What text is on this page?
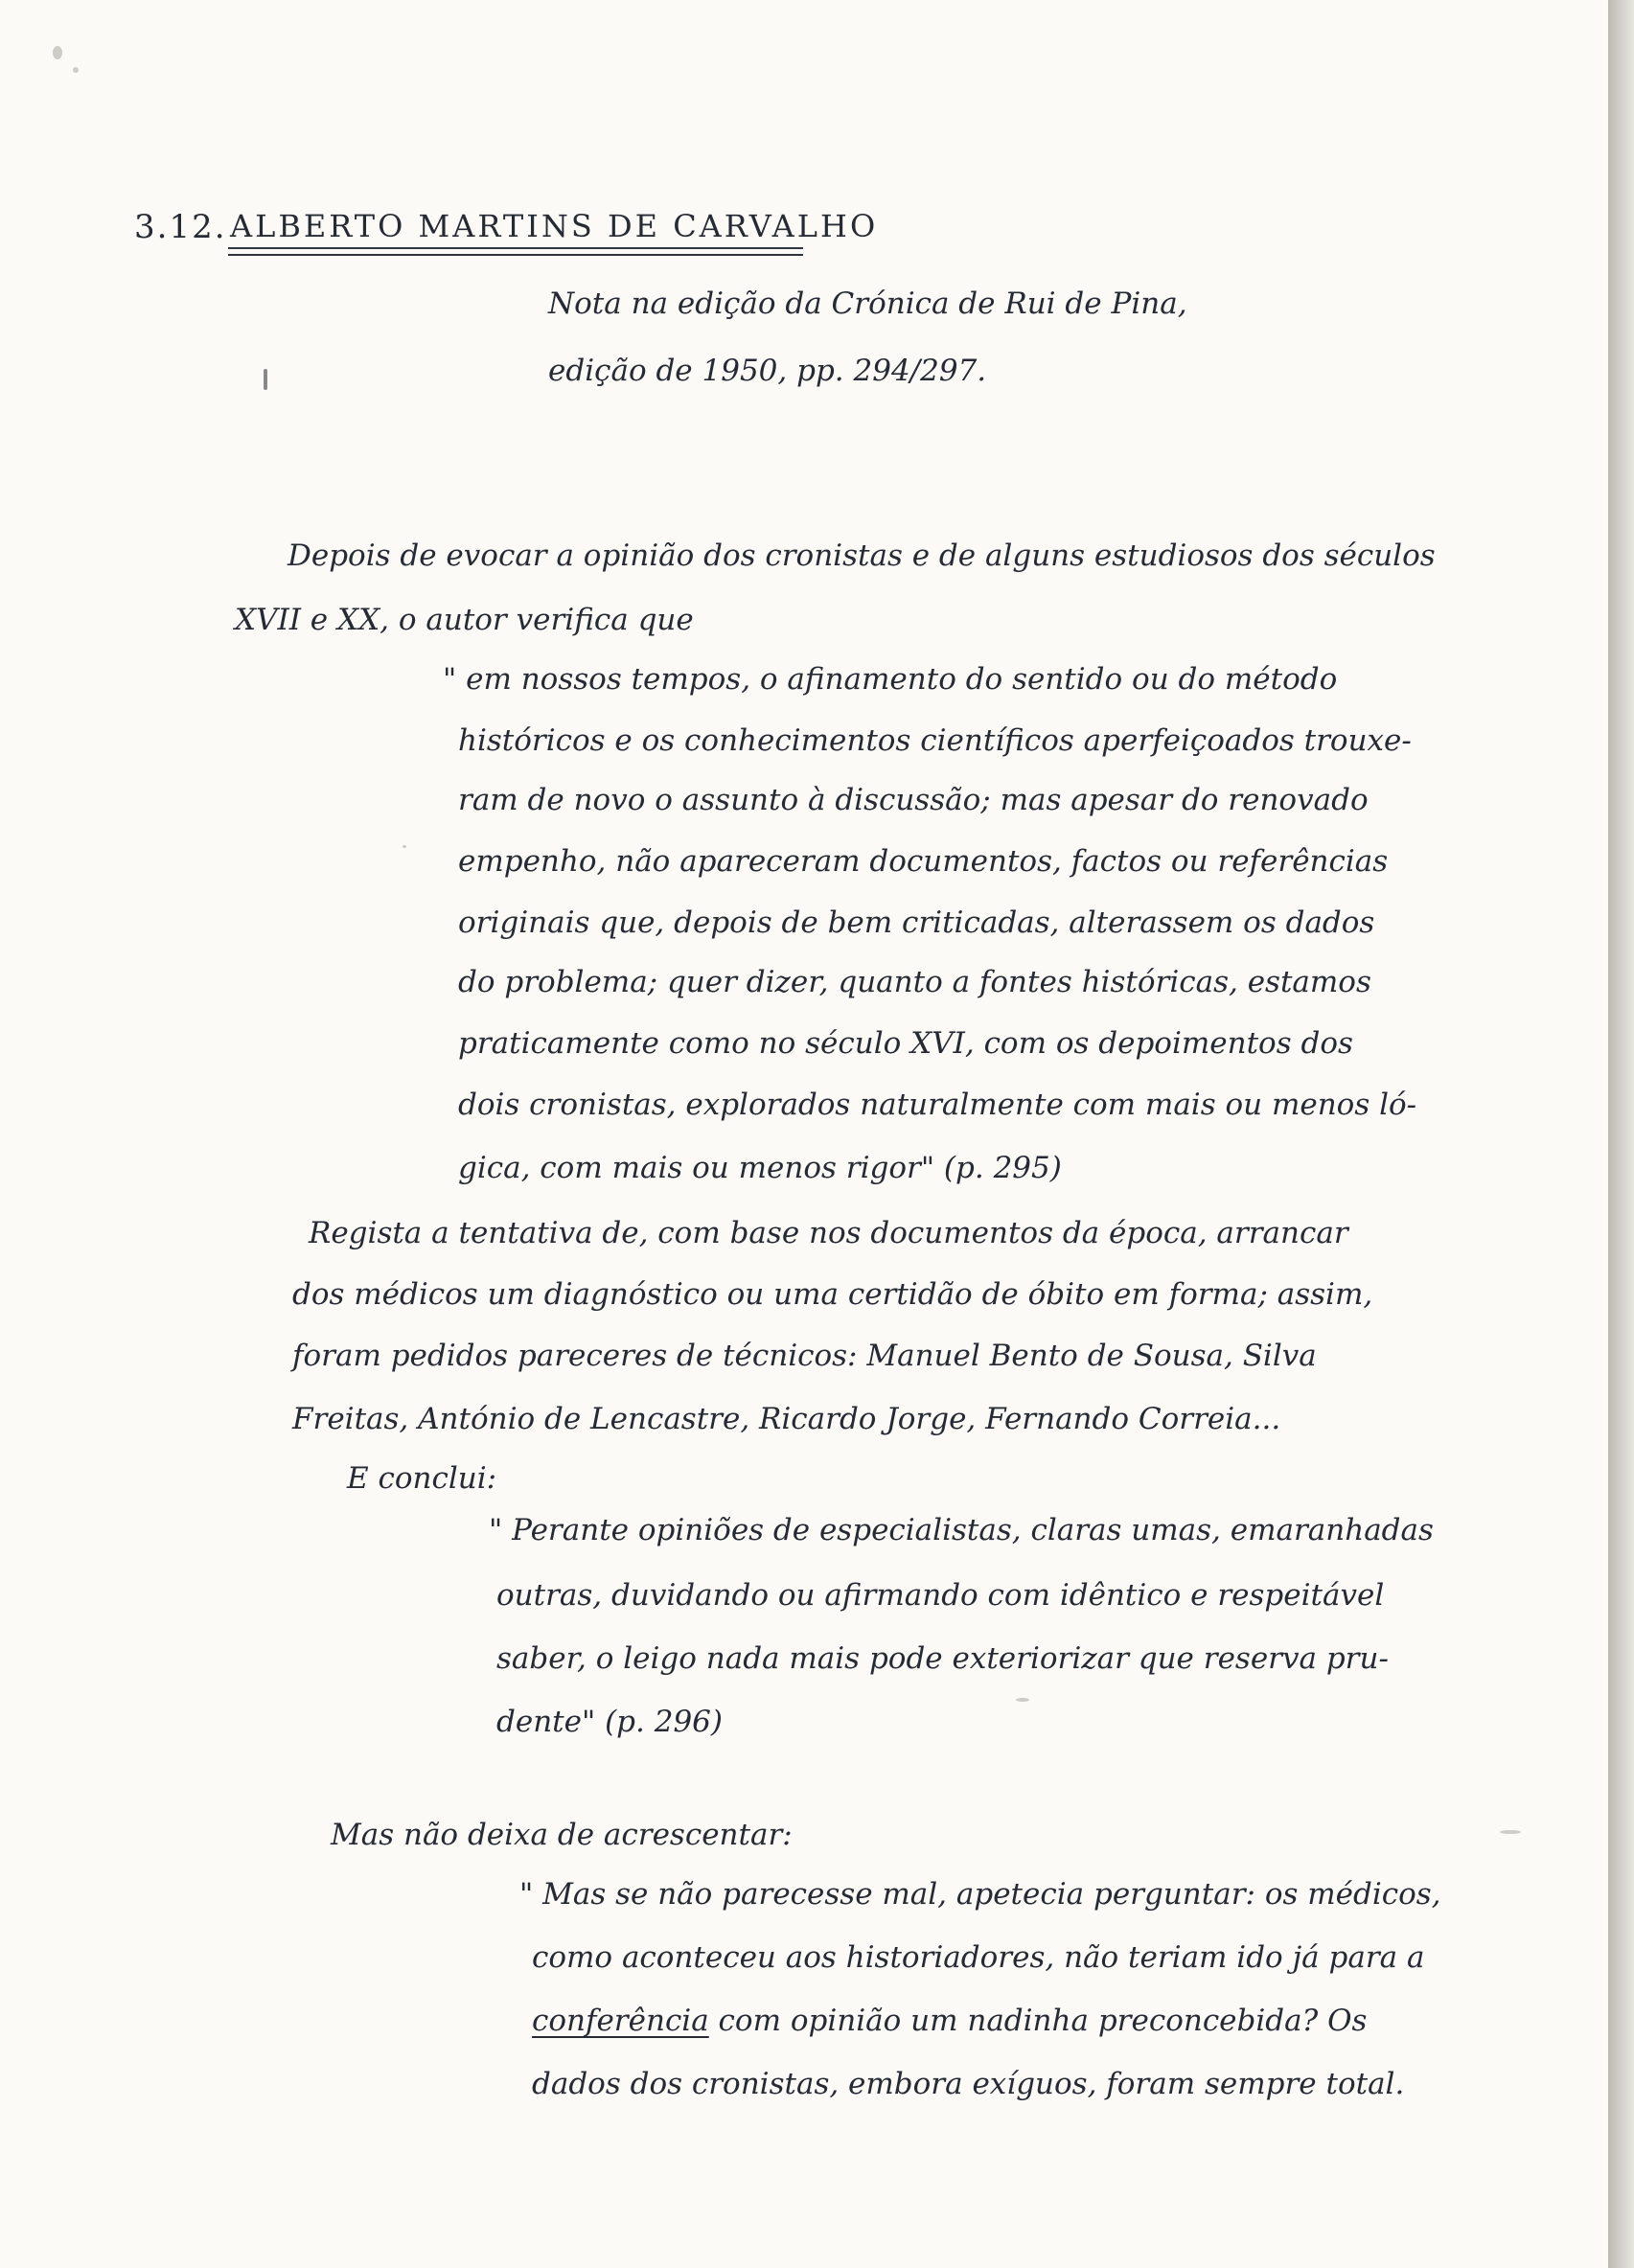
3.12. ALBERTO MARTINS DE CARVALHO
Nota na edição da Crónica de Rui de Pina,
edição de 1950, pp. 294/297.
Depois de evocar a opinião dos cronistas e de alguns estudiosos dos séculos
XVII e XX, o autor verifica que
" em nossos tempos, o afinamento do sentido ou do método
históricos e os conhecimentos científicos aperfeiçoados trouxe-
ram de novo o assunto à discussão; mas apesar do renovado
empenho, não apareceram documentos, factos ou referências
originais que, depois de bem criticadas, alterassem os dados
do problema; quer dizer, quanto a fontes históricas, estamos
praticamente como no século XVI, com os depoimentos dos
dois cronistas, explorados naturalmente com mais ou menos ló-
gica, com mais ou menos rigor" (p. 295)
Regista a tentativa de, com base nos documentos da época, arrancar
dos médicos um diagnóstico ou uma certidão de óbito em forma; assim,
foram pedidos pareceres de técnicos: Manuel Bento de Sousa, Silva
Freitas, António de Lencastre, Ricardo Jorge, Fernando Correia...
E conclui:
" Perante opiniões de especialistas, claras umas, emaranhadas
outras, duvidando ou afirmando com idêntico e respeitável
saber, o leigo nada mais pode exteriorizar que reserva pru-
dente" (p. 296)
Mas não deixa de acrescentar:
" Mas se não parecesse mal, apetecia perguntar: os médicos,
como aconteceu aos historiadores, não teriam ido já para a
conferência com opinião um nadinha preconcebida? Os
dados dos cronistas, embora exíguos, foram sempre total.
